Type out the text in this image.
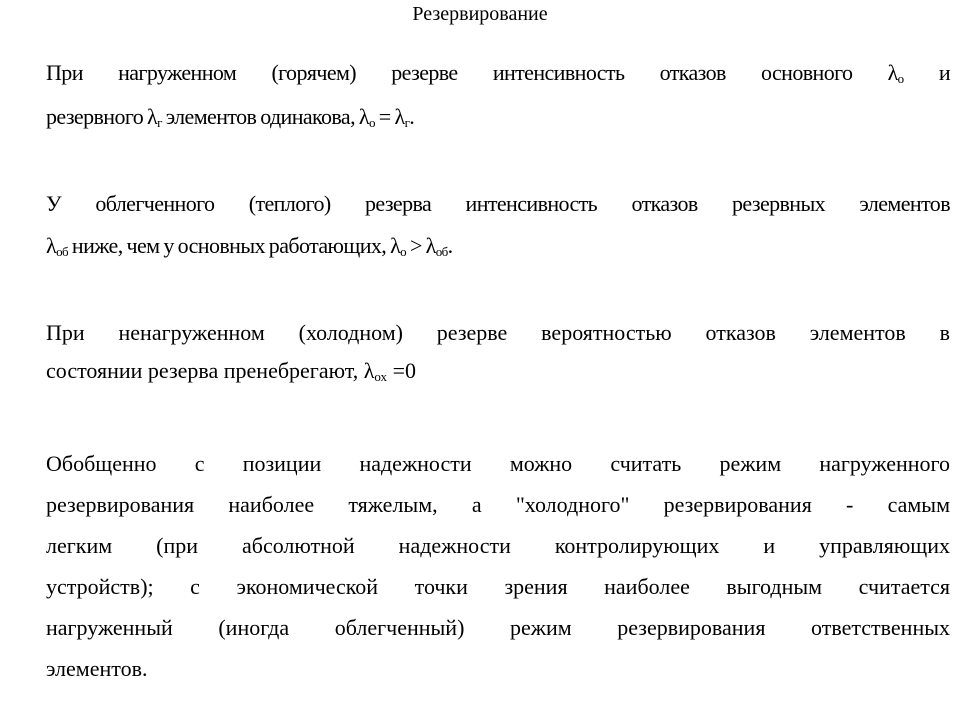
Резервирование
При нагруженном (горячем) резерве интенсивность отказов основного $\lambda_о$ и
резервного $\lambda_г$ элементов одинакова, $\lambda_о = \lambda_г$.
У облегченного (теплого) резерва интенсивность отказов резервных элементов
$\lambda_{об}$ ниже, чем у основных работающих, $\lambda_о > \lambda_{об}$.
При ненагруженном (холодном) резерве вероятностью отказов элементов в
состоянии резерва пренебрегают, $\lambda_{ох} =0$
Обобщенно с позиции надежности можно считать режим нагруженного
резервирования наиболее тяжелым, а "холодного" резервирования - самым
легким (при абсолютной надежности контролирующих и управляющих
устройств); с экономической точки зрения наиболее выгодным считается
нагруженный (иногда облегченный) режим резервирования ответственных
элементов.
